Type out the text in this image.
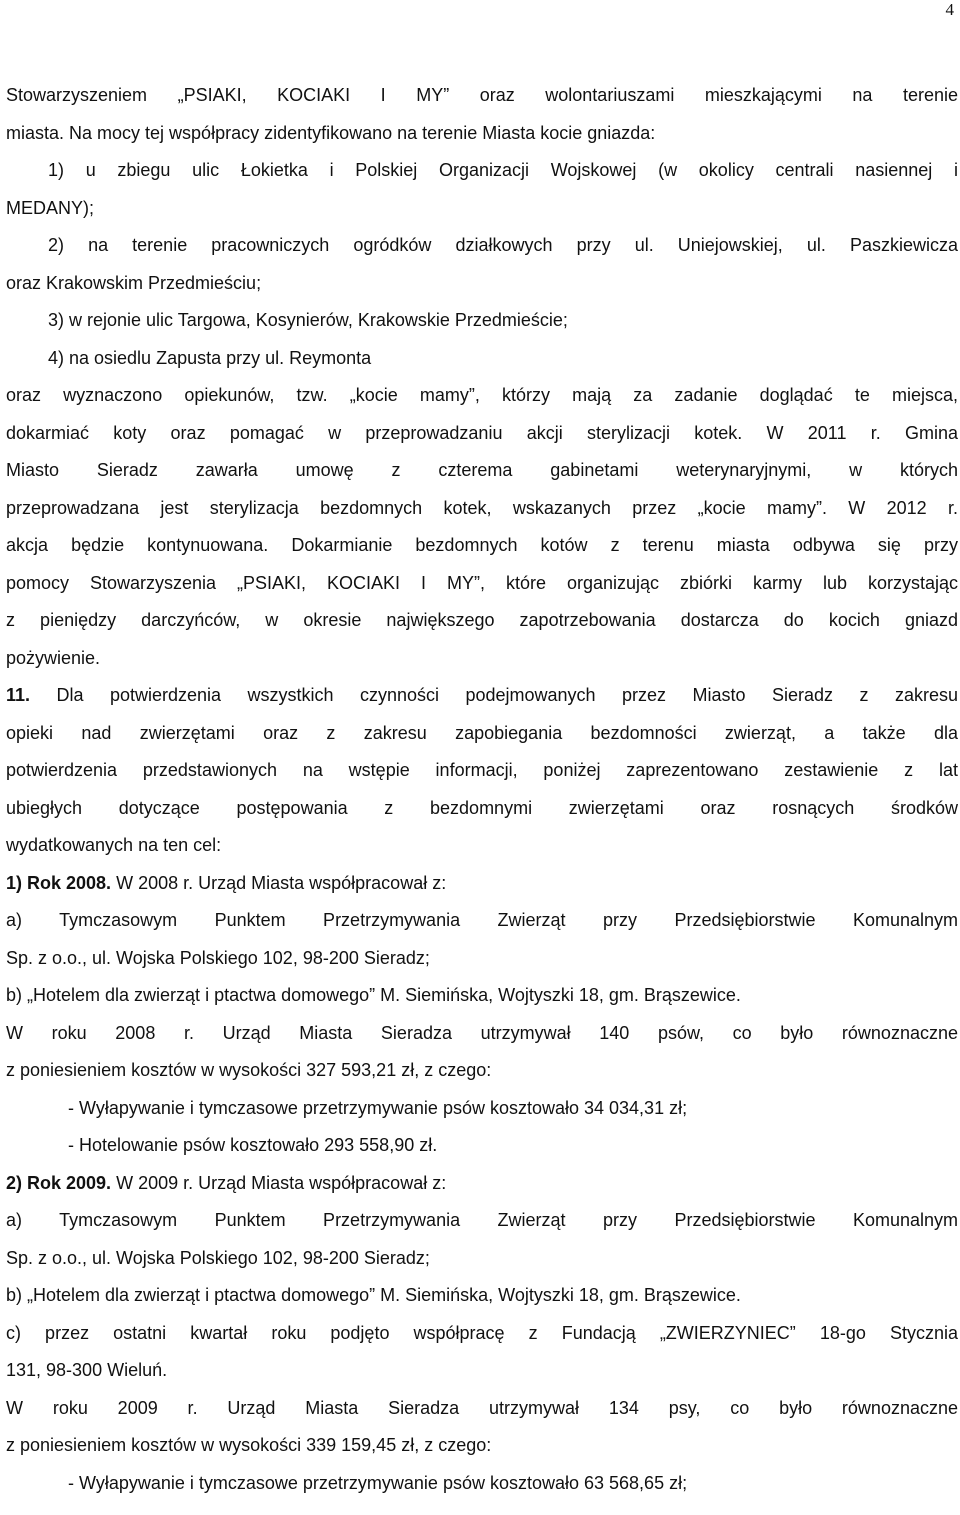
4
Stowarzyszeniem „PSIAKI, KOCIAKI I MY” oraz wolontariuszami mieszkającymi na terenie
miasta. Na mocy tej współpracy zidentyfikowano na terenie Miasta kocie gniazda:
1) u zbiegu ulic Łokietka i Polskiej Organizacji Wojskowej (w okolicy centrali nasiennej i
MEDANY);
2) na terenie pracowniczych ogródków działkowych przy ul. Uniejowskiej, ul. Paszkiewicza
oraz Krakowskim Przedmieściu;
3) w rejonie ulic Targowa, Kosynierów, Krakowskie Przedmieście;
4) na osiedlu Zapusta przy ul. Reymonta
oraz wyznaczono opiekunów, tzw. „kocie mamy”, którzy mają za zadanie doglądać te miejsca,
dokarmiać koty oraz pomagać w przeprowadzaniu akcji sterylizacji kotek. W 2011 r. Gmina
Miasto Sieradz zawarła umowę z czterema gabinetami weterynaryjnymi, w których
przeprowadzana jest sterylizacja bezdomnych kotek, wskazanych przez „kocie mamy”. W 2012 r.
akcja będzie kontynuowana. Dokarmianie bezdomnych kotów z terenu miasta odbywa się przy
pomocy Stowarzyszenia „PSIAKI, KOCIAKI I MY”, które organizując zbiórki karmy lub korzystając
z pieniędzy darczyńców, w okresie największego zapotrzebowania dostarcza do kocich gniazd
pożywienie.
11. Dla potwierdzenia wszystkich czynności podejmowanych przez Miasto Sieradz z zakresu
opieki nad zwierzętami oraz z zakresu zapobiegania bezdomności zwierząt, a także dla
potwierdzenia przedstawionych na wstępie informacji, poniżej zaprezentowano zestawienie z lat
ubiegłych dotyczące postępowania z bezdomnymi zwierzętami oraz rosnących środków
wydatkowanych na ten cel:
1) Rok 2008. W 2008 r. Urząd Miasta współpracował z:
a) Tymczasowym Punktem Przetrzymywania Zwierząt przy Przedsiębiorstwie Komunalnym
Sp. z o.o., ul. Wojska Polskiego 102, 98-200 Sieradz;
b) „Hotelem dla zwierząt i ptactwa domowego” M. Siemińska, Wojtyszki 18, gm. Brąszewice.
W roku 2008 r. Urząd Miasta Sieradza utrzymywał 140 psów, co było równoznaczne
z poniesieniem kosztów w wysokości 327 593,21 zł, z czego:
- Wyłapywanie i tymczasowe przetrzymywanie psów kosztowało 34 034,31 zł;
- Hotelowanie psów kosztowało 293 558,90 zł.
2) Rok 2009. W 2009 r. Urząd Miasta współpracował z:
a) Tymczasowym Punktem Przetrzymywania Zwierząt przy Przedsiębiorstwie Komunalnym
Sp. z o.o., ul. Wojska Polskiego 102, 98-200 Sieradz;
b) „Hotelem dla zwierząt i ptactwa domowego” M. Siemińska, Wojtyszki 18, gm. Brąszewice.
c) przez ostatni kwartał roku podjęto współpracę z Fundacją „ZWIERZYNIEC” 18-go Stycznia
131, 98-300 Wieluń.
W roku 2009 r. Urząd Miasta Sieradza utrzymywał 134 psy, co było równoznaczne
z poniesieniem kosztów w wysokości 339 159,45 zł, z czego:
- Wyłapywanie i tymczasowe przetrzymywanie psów kosztowało 63 568,65 zł;
